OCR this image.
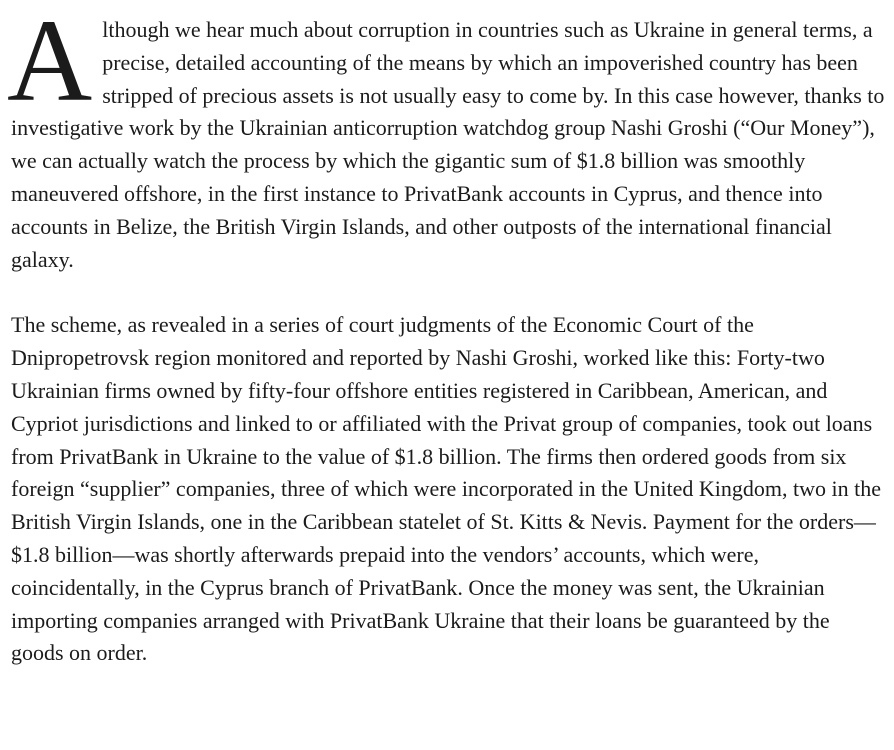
A lthough we hear much about corruption in countries such as Ukraine in general terms, a precise, detailed accounting of the means by which an impoverished country has been stripped of precious assets is not usually easy to come by. In this case however, thanks to investigative work by the Ukrainian anticorruption watchdog group Nashi Groshi (“Our Money”), we can actually watch the process by which the gigantic sum of $1.8 billion was smoothly maneuvered offshore, in the first instance to PrivatBank accounts in Cyprus, and thence into accounts in Belize, the British Virgin Islands, and other outposts of the international financial galaxy.

The scheme, as revealed in a series of court judgments of the Economic Court of the Dnipropetrovsk region monitored and reported by Nashi Groshi, worked like this: Forty-two Ukrainian firms owned by fifty-four offshore entities registered in Caribbean, American, and Cypriot jurisdictions and linked to or affiliated with the Privat group of companies, took out loans from PrivatBank in Ukraine to the value of $1.8 billion. The firms then ordered goods from six foreign “supplier” companies, three of which were incorporated in the United Kingdom, two in the British Virgin Islands, one in the Caribbean statelet of St. Kitts & Nevis. Payment for the orders—$1.8 billion—was shortly afterwards prepaid into the vendors’ accounts, which were, coincidentally, in the Cyprus branch of PrivatBank. Once the money was sent, the Ukrainian importing companies arranged with PrivatBank Ukraine that their loans be guaranteed by the goods on order.
